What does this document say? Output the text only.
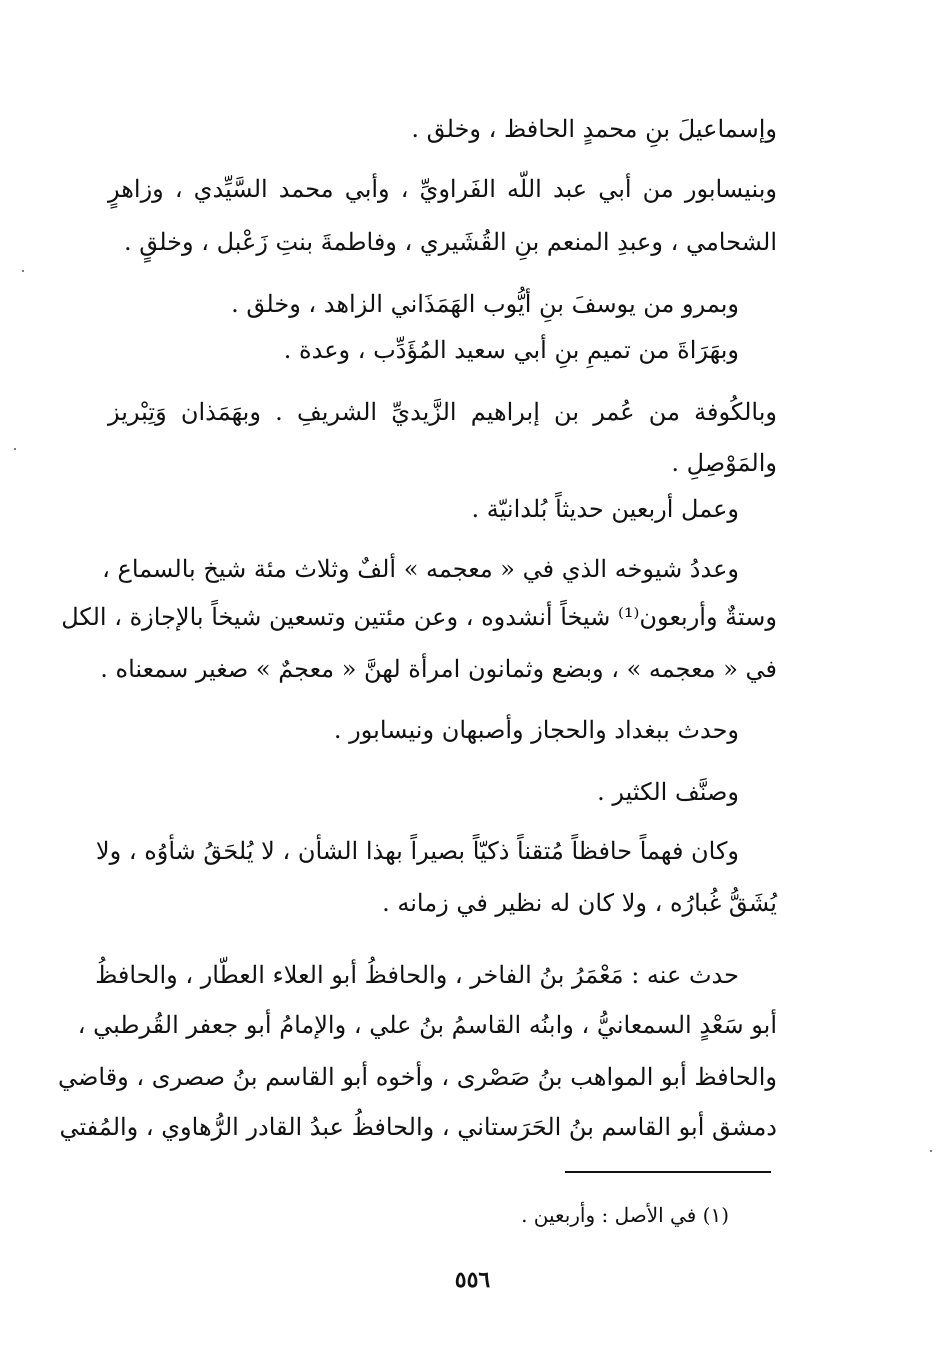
وإسماعيلَ بنِ محمدٍ الحافظ ، وخلق .
وبنيسابور من أبي عبد اللّه الفَراويِّ ، وأبي محمد السَّيِّدي ، وزاهرٍ
الشحامي ، وعبدِ المنعم بنِ القُشَيري ، وفاطمةَ بنتِ زَعْبل ، وخلقٍ .
وبمرو من يوسفَ بنِ أيُّوب الهَمَذَاني الزاهد ، وخلق .
وبهَرَاةَ من تميمِ بنِ أبي سعيد المُؤَدِّب ، وعدة .
وبالكُوفة من عُمر بن إبراهيم الزَّيديِّ الشريفِ . وبهَمَذان وَتِبْريز
والمَوْصِلِ .
وعمل أربعين حديثاً بُلدانيّة .
وعددُ شيوخه الذي في « معجمه » ألفٌ وثلاث مئة شيخ بالسماع ،
وستةٌ وأربعون⁽¹⁾ شيخاً أنشدوه ، وعن مئتين وتسعين شيخاً بالإجازة ، الكل
في « معجمه » ، وبضع وثمانون امرأة لهنَّ « معجمٌ » صغير سمعناه .
وحدث ببغداد والحجاز وأصبهان ونيسابور .
وصنَّف الكثير .
وكان فهماً حافظاً مُتقناً ذكيّاً بصيراً بهذا الشأن ، لا يُلحَقُ شأوُه ، ولا
يُشَقُّ غُبارُه ، ولا كان له نظير في زمانه .
حدث عنه : مَعْمَرُ بنُ الفاخر ، والحافظُ أبو العلاء العطّار ، والحافظُ
أبو سَعْدٍ السمعانيُّ ، وابنُه القاسمُ بنُ علي ، والإمامُ أبو جعفر القُرطبي ،
والحافظ أبو المواهب بنُ صَصْرى ، وأخوه أبو القاسم بنُ صصرى ، وقاضي
دمشق أبو القاسم بنُ الحَرَستاني ، والحافظُ عبدُ القادر الرُّهاوي ، والمُفتي
(١) في الأصل : وأربعين .
٥٥٦
